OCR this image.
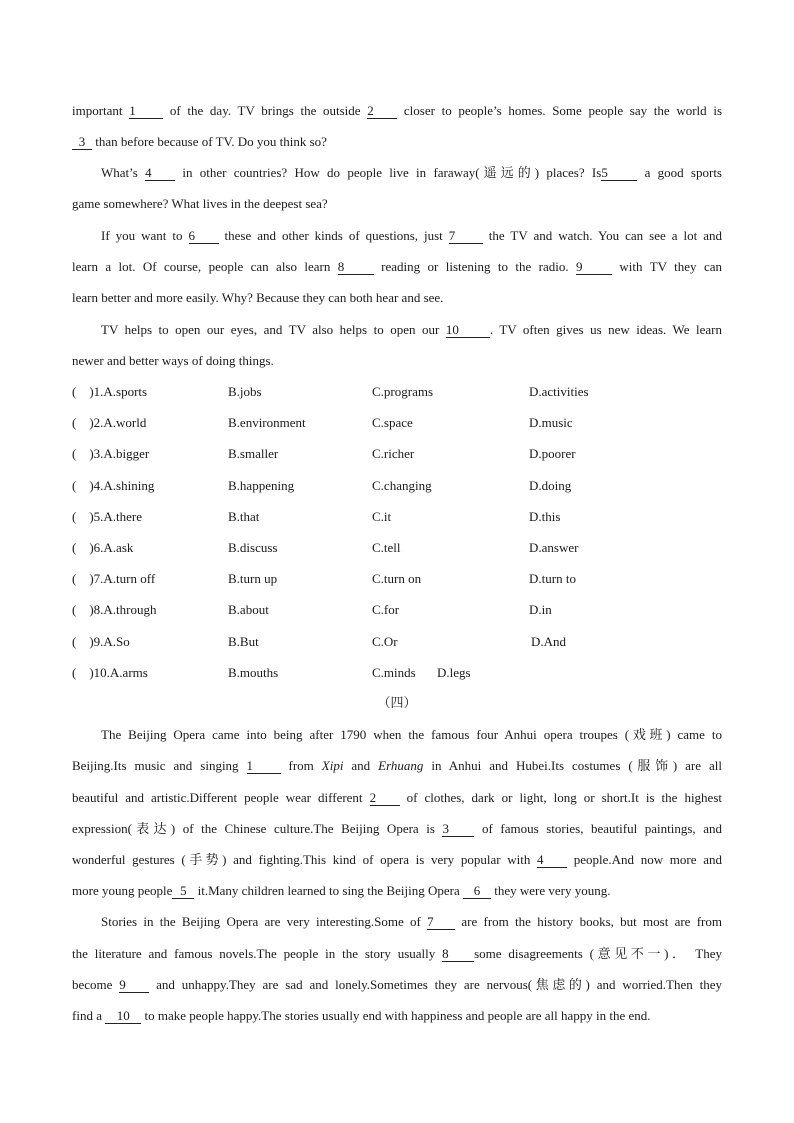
important 1 of the day. TV brings the outside 2 closer to people’s homes. Some people say the world is
3 than before because of TV. Do you think so?
What’s 4 in other countries? How do people live in faraway(遥远的) places? Is5 a good sports
game somewhere? What lives in the deepest sea?
If you want to 6 these and other kinds of questions, just 7 the TV and watch. You can see a lot and
learn a lot. Of course, people can also learn 8 reading or listening to the radio. 9 with TV they can
learn better and more easily. Why? Because they can both hear and see.
TV helps to open our eyes, and TV also helps to open our 10 . TV often gives us new ideas. We learn
newer and better ways of doing things.
(　)1.A.sports	B.jobs	C.programs	D.activities
(　)2.A.world	B.environment	C.space	D.music
(　)3.A.bigger	B.smaller	C.richer	D.poorer
(　)4.A.shining	B.happening	C.changing	D.doing
(　)5.A.there	B.that	C.it	D.this
(　)6.A.ask	B.discuss	C.tell	D.answer
(　)7.A.turn off	B.turn up	C.turn on	D.turn to
(　)8.A.through	B.about	C.for	D.in
(　)9.A.So	B.But	C.Or	D.And
(　)10.A.arms	B.mouths	C.minds D.legs
（四）
The Beijing Opera came into being after 1790 when the famous four Anhui opera troupes (戏班) came to
Beijing.Its music and singing 1 from Xipi and Erhuang in Anhui and Hubei.Its costumes (服饰) are all
beautiful and artistic.Different people wear different 2 of clothes, dark or light, long or short.It is the highest
expression(表达) of the Chinese culture.The Beijing Opera is 3 of famous stories, beautiful paintings, and
wonderful gestures (手势) and fighting.This kind of opera is very popular with 4 people.And now more and
more young people 5 it.Many children learned to sing the Beijing Opera 6 they were very young.
Stories in the Beijing Opera are very interesting.Some of 7 are from the history books, but most are from
the literature and famous novels.The people in the story usually 8 some disagreements (意见不一)． They
become 9 and unhappy.They are sad and lonely.Sometimes they are nervous(焦虑的) and worried.Then they
find a 10 to make people happy.The stories usually end with happiness and people are all happy in the end.
